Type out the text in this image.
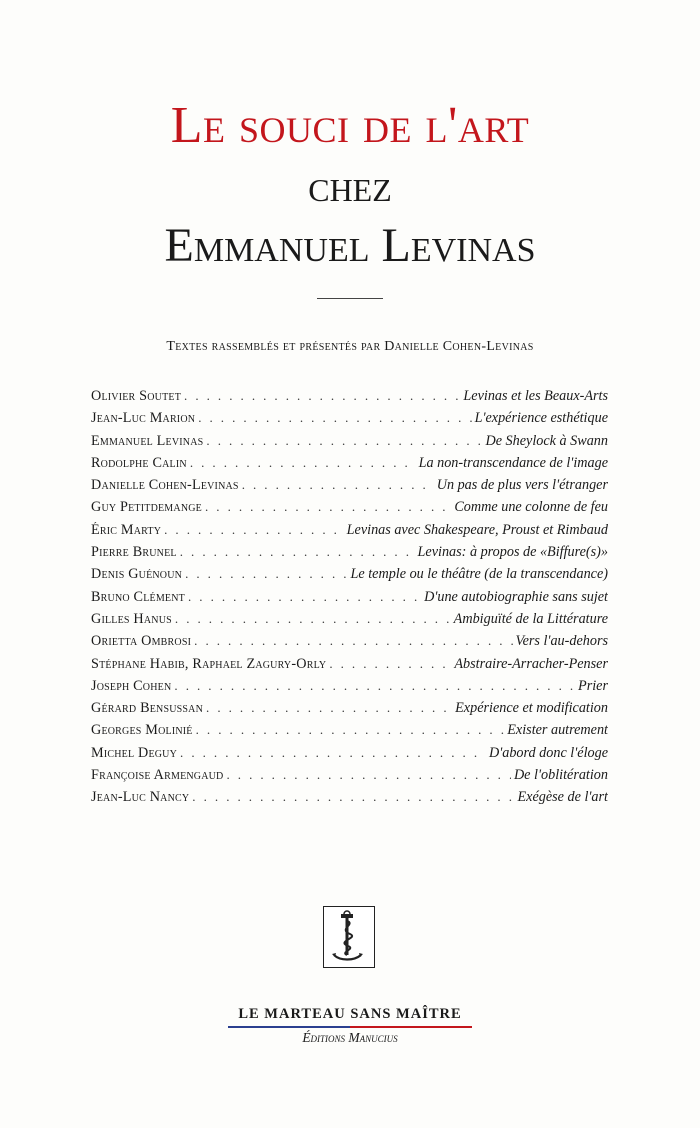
Le souci de l'art
chez
Emmanuel Levinas
Textes rassemblés et présentés par Danielle Cohen-Levinas
Olivier Soutet . . .	Levinas et les Beaux-Arts
Jean-Luc Marion . . .	L'expérience esthétique
Emmanuel Levinas . . .	De Sheylock à Swann
Rodolphe Calin . . .	La non-transcendance de l'image
Danielle Cohen-Levinas . . .	Un pas de plus vers l'étranger
Guy Petitdemange . . .	Comme une colonne de feu
Éric Marty . . .	Levinas avec Shakespeare, Proust et Rimbaud
Pierre Brunel . . .	Levinas: à propos de «Biffure(s)»
Denis Guénoun . . .	Le temple ou le théâtre (de la transcendance)
Bruno Clément . . .	D'une autobiographie sans sujet
Gilles Hanus . . .	Ambiguïté de la Littérature
Orietta Ombrosi . . .	Vers l'au-dehors
Stéphane Habib, Raphael Zagury-Orly . . .	Abstraire-Arracher-Penser
Joseph Cohen . . .	Prier
Gérard Bensussan . . .	Expérience et modification
Georges Molinié . . .	Exister autrement
Michel Deguy . . .	D'abord donc l'éloge
Françoise Armengaud . . .	De l'oblitération
Jean-Luc Nancy . . .	Exégèse de l'art
LE MARTEAU SANS MAÎTRE
Éditions Manucius
